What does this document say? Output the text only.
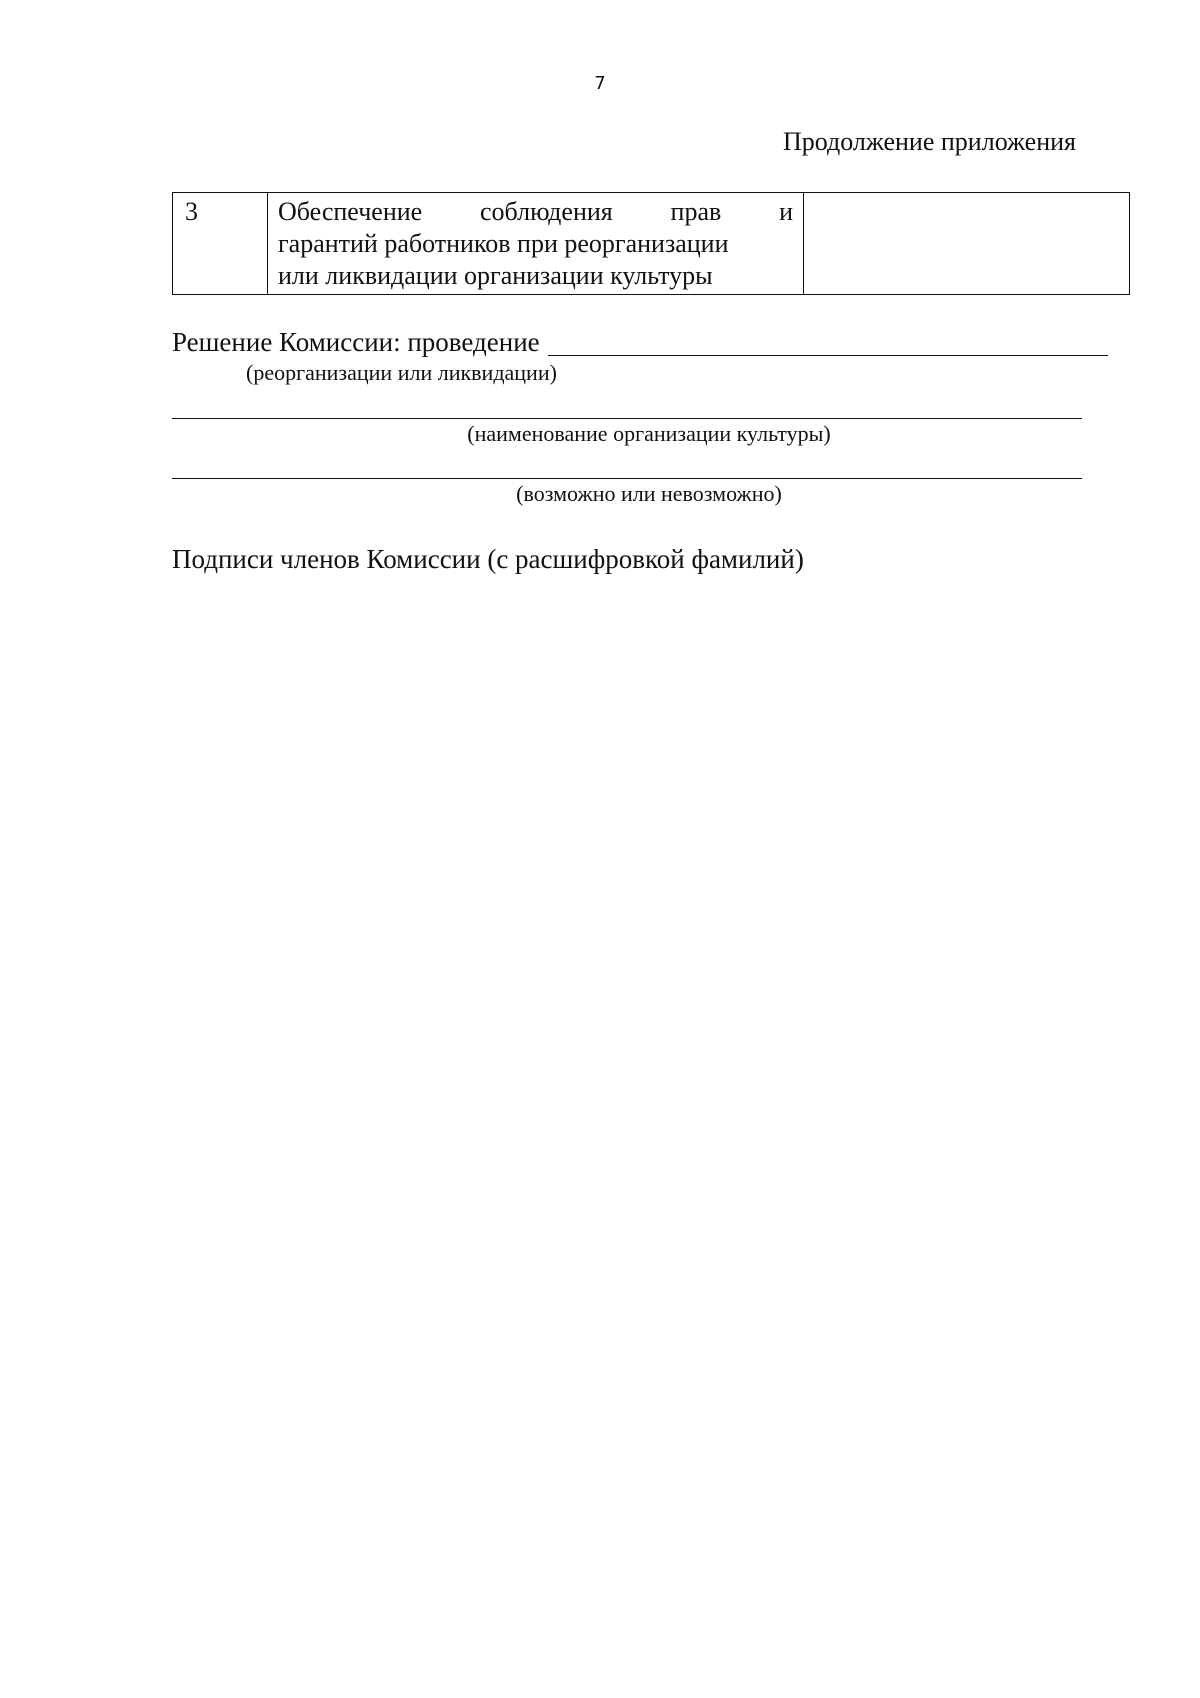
7
Продолжение приложения
3	Обеспечение соблюдения прав и
гарантий работников при реорганизации
или ликвидации организации культуры

Решение Комиссии: проведение
(реорганизации или ликвидации)
(наименование организации культуры)
(возможно или невозможно)
Подписи членов Комиссии (с расшифровкой фамилий)
